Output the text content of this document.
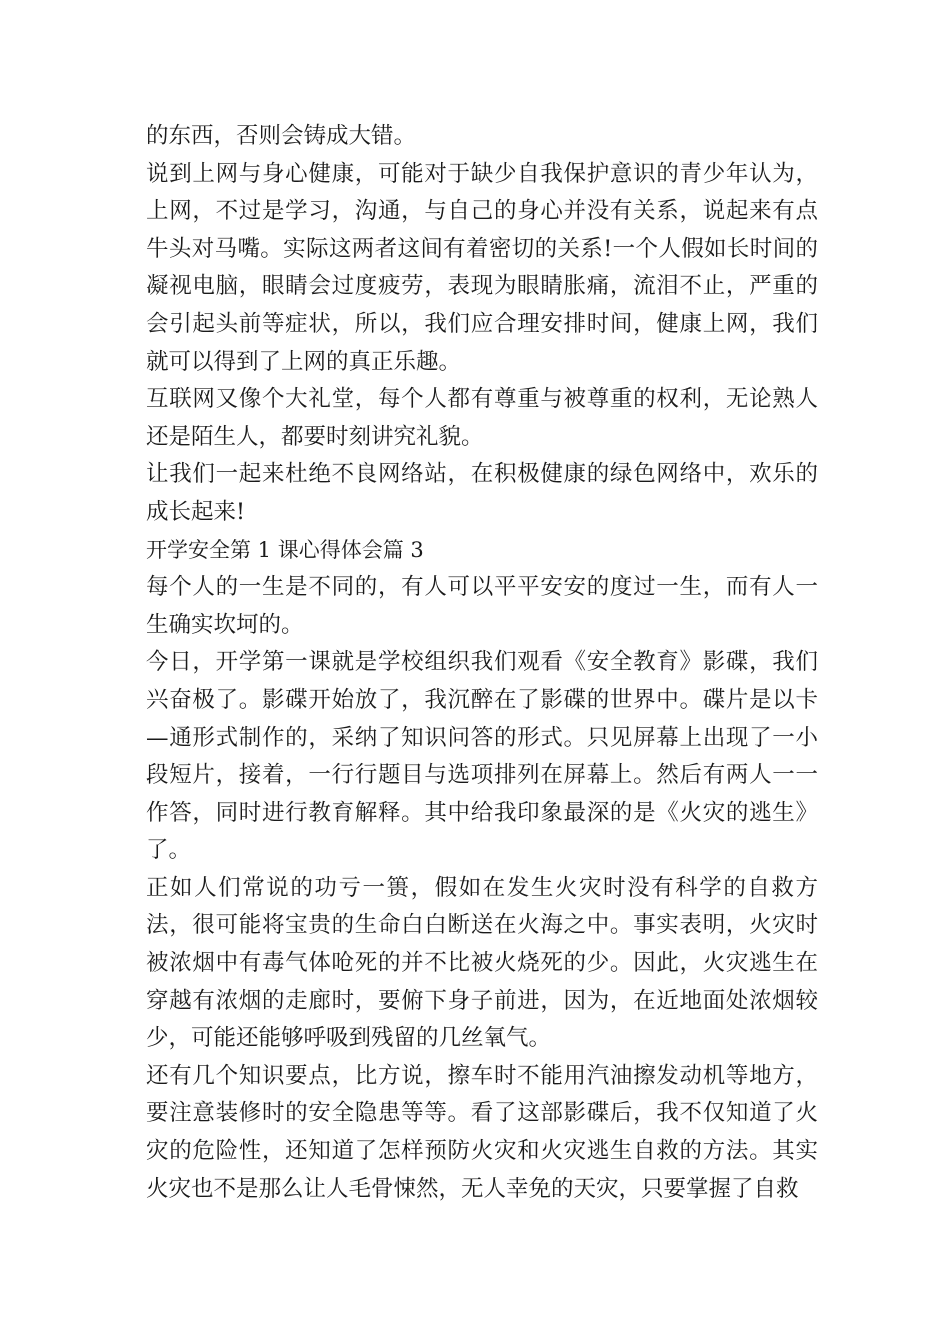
的东西，否则会铸成大错。

说到上网与身心健康，可能对于缺少自我保护意识的青少年认为，上网，不过是学习，沟通，与自己的身心并没有关系，说起来有点牛头对马嘴。实际这两者这间有着密切的关系!一个人假如长时间的凝视电脑，眼睛会过度疲劳，表现为眼睛胀痛，流泪不止，严重的会引起头前等症状，所以，我们应合理安排时间，健康上网，我们就可以得到了上网的真正乐趣。

互联网又像个大礼堂，每个人都有尊重与被尊重的权利，无论熟人还是陌生人，都要时刻讲究礼貌。

让我们一起来杜绝不良网络站，在积极健康的绿色网络中，欢乐的成长起来!

开学安全第 1 课心得体会篇 3

每个人的一生是不同的，有人可以平平安安的度过一生，而有人一生确实坎坷的。

今日，开学第一课就是学校组织我们观看《安全教育》影碟，我们兴奋极了。影碟开始放了，我沉醉在了影碟的世界中。碟片是以卡—通形式制作的，采纳了知识问答的形式。只见屏幕上出现了一小段短片，接着，一行行题目与选项排列在屏幕上。然后有两人一一作答，同时进行教育解释。其中给我印象最深的是《火灾的逃生》了。

正如人们常说的功亏一篑，假如在发生火灾时没有科学的自救方法，很可能将宝贵的生命白白断送在火海之中。事实表明，火灾时被浓烟中有毒气体呛死的并不比被火烧死的少。因此，火灾逃生在穿越有浓烟的走廊时，要俯下身子前进，因为，在近地面处浓烟较少，可能还能够呼吸到残留的几丝氧气。

还有几个知识要点，比方说，擦车时不能用汽油擦发动机等地方，要注意装修时的安全隐患等等。看了这部影碟后，我不仅知道了火灾的危险性，还知道了怎样预防火灾和火灾逃生自救的方法。其实火灾也不是那么让人毛骨悚然，无人幸免的天灾，只要掌握了自救
